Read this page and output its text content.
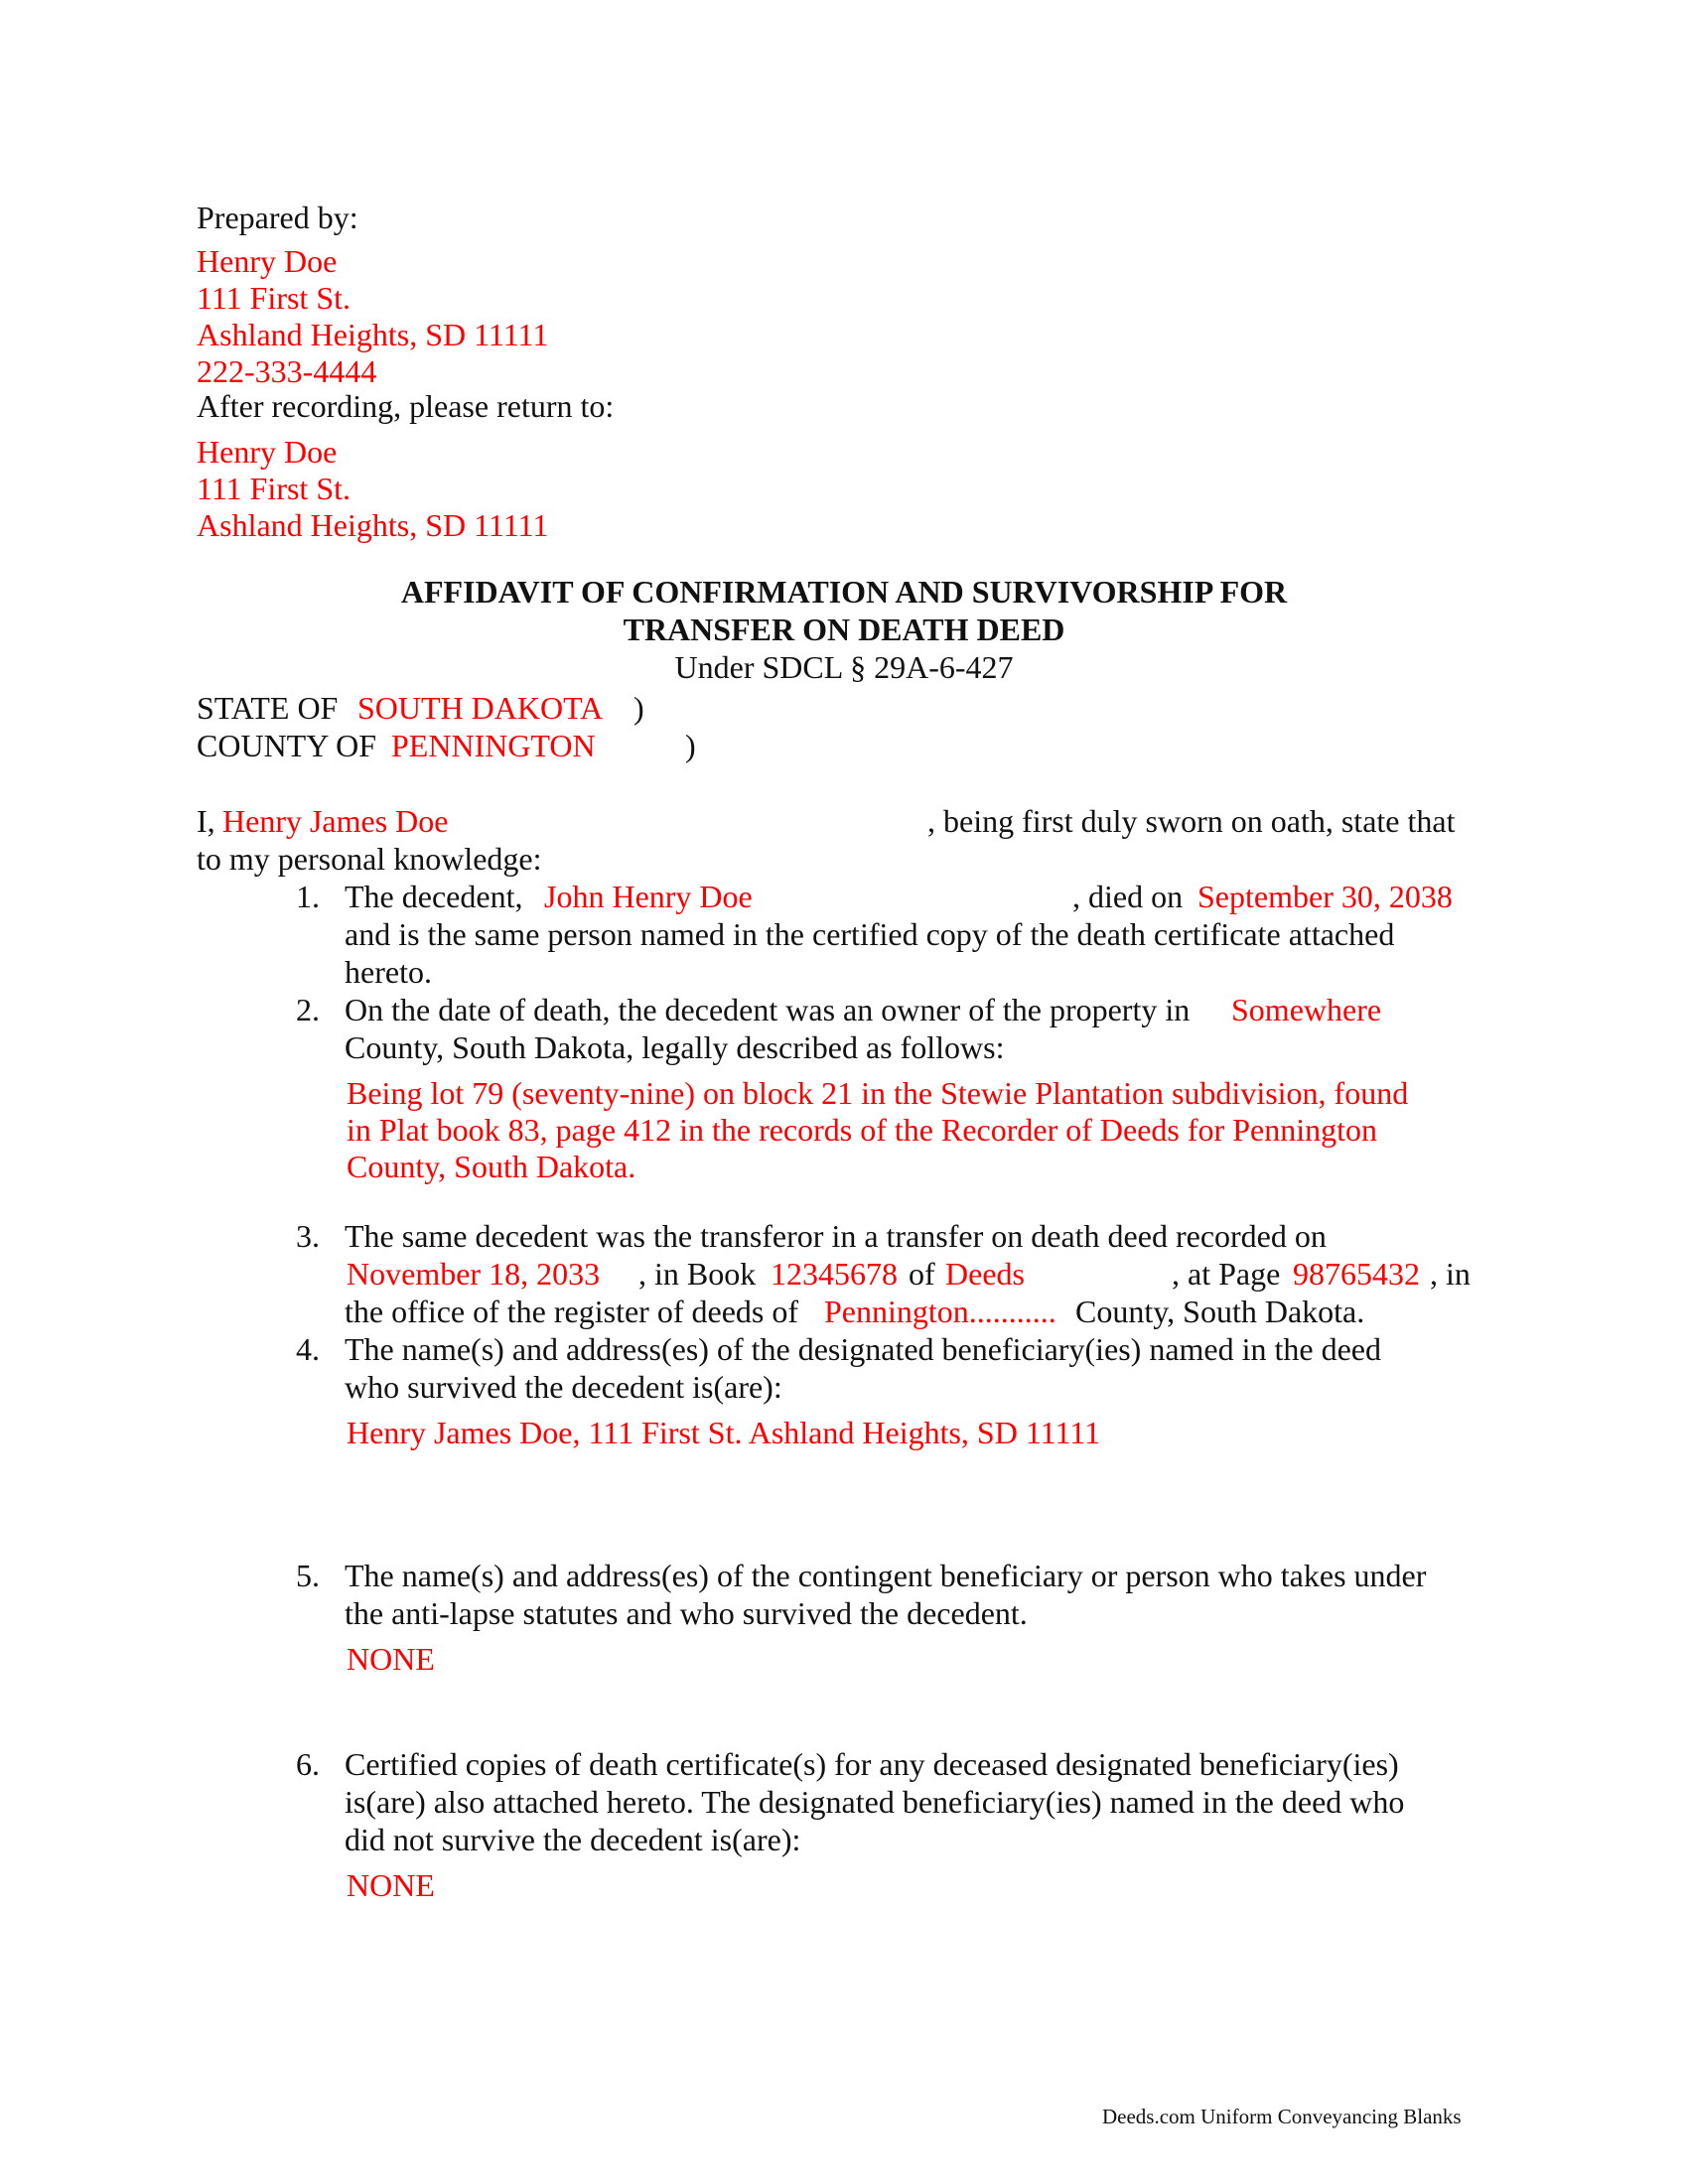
Prepared by:
Henry Doe
111 First St.
Ashland Heights, SD 11111
222-333-4444
After recording, please return to:
Henry Doe
111 First St.
Ashland Heights, SD 11111
AFFIDAVIT OF CONFIRMATION AND SURVIVORSHIP FOR
TRANSFER ON DEATH DEED
Under SDCL § 29A-6-427
STATE OF SOUTH DAKOTA )
COUNTY OF PENNINGTON	)
I, Henry James Doe	, being first duly sworn on oath, state that
to my personal knowledge:
1. The decedent, John Henry Doe	, died on September 30, 2038
and is the same person named in the certified copy of the death certificate attached
hereto.
2. On the date of death, the decedent was an owner of the property in Somewhere
County, South Dakota, legally described as follows:
Being lot 79 (seventy-nine) on block 21 in the Stewie Plantation subdivision, found
in Plat book 83, page 412 in the records of the Recorder of Deeds for Pennington
County, South Dakota.
3. The same decedent was the transferor in a transfer on death deed recorded on
November 18, 2033 , in Book 12345678 of Deeds	, at Page 98765432 , in
the office of the register of deeds of Pennington........... County, South Dakota.
4. The name(s) and address(es) of the designated beneficiary(ies) named in the deed
who survived the decedent is(are):
Henry James Doe, 111 First St. Ashland Heights, SD 11111
5. The name(s) and address(es) of the contingent beneficiary or person who takes under
the anti-lapse statutes and who survived the decedent.
NONE
6. Certified copies of death certificate(s) for any deceased designated beneficiary(ies)
is(are) also attached hereto. The designated beneficiary(ies) named in the deed who
did not survive the decedent is(are):
NONE
Deeds.com Uniform Conveyancing Blanks
